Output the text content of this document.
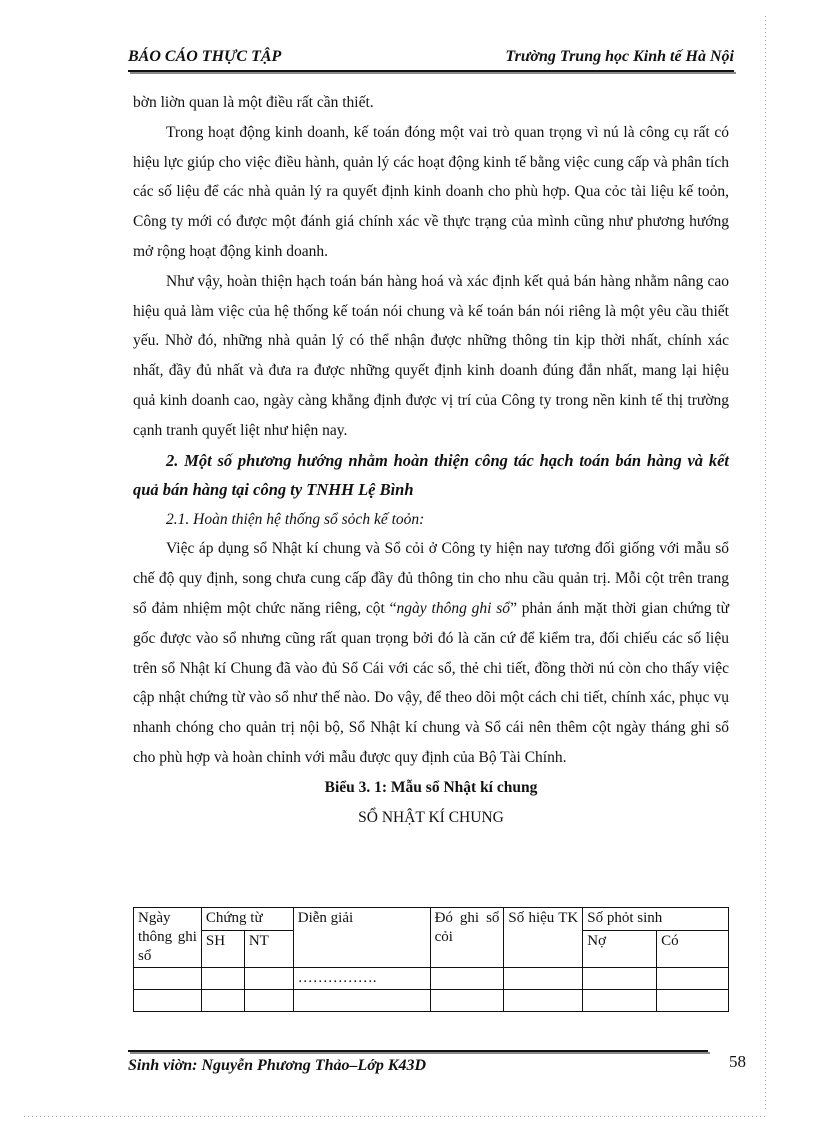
BÁO CÁO THỰC TẬP	Trường Trung học Kinh tế Hà Nội

bờn liờn quan là một điều rất cần thiết.

Trong hoạt động kinh doanh, kế toán đóng một vai trò quan trọng vì nú là công cụ rất có hiệu lực giúp cho việc điều hành, quản lý các hoạt động kinh tế bằng việc cung cấp và phân tích các số liệu để các nhà quản lý ra quyết định kinh doanh cho phù hợp. Qua cỏc tài liệu kế toỏn, Công ty mới có được một đánh giá chính xác về thực trạng của mình cũng như phương hướng mở rộng hoạt động kinh doanh.

Như vậy, hoàn thiện hạch toán bán hàng hoá và xác định kết quả bán hàng nhằm nâng cao hiệu quả làm việc của hệ thống kế toán nói chung và kế toán bán nói riêng là một yêu cầu thiết yếu. Nhờ đó, những nhà quản lý có thể nhận được những thông tin kịp thời nhất, chính xác nhất, đầy đủ nhất và đưa ra được những quyết định kinh doanh đúng đắn nhất, mang lại hiệu quả kinh doanh cao, ngày càng khẳng định được vị trí của Công ty trong nền kinh tế thị trường cạnh tranh quyết liệt như hiện nay.

2. Một số phương hướng nhằm hoàn thiện công tác hạch toán bán hàng và kết quả bán hàng tại công ty TNHH Lệ Bình

2.1. Hoàn thiện hệ thống sổ sỏch kế toỏn:

Việc áp dụng sổ Nhật kí chung và Sổ cỏi ở Công ty hiện nay tương đối giống với mẫu sổ chế độ quy định, song chưa cung cấp đầy đủ thông tin cho nhu cầu quản trị. Mỗi cột trên trang sổ đảm nhiệm một chức năng riêng, cột “ngày thông ghi sổ” phản ánh mặt thời gian chứng từ gốc được vào sổ nhưng cũng rất quan trọng bởi đó là căn cứ để kiểm tra, đối chiếu các số liệu trên sổ Nhật kí Chung đã vào đủ Sổ Cái với các sổ, thẻ chi tiết, đồng thời nú còn cho thấy việc cập nhật chứng từ vào sổ như thế nào. Do vậy, để theo dõi một cách chi tiết, chính xác, phục vụ nhanh chóng cho quản trị nội bộ, Sổ Nhật kí chung và Sổ cái nên thêm cột ngày tháng ghi sổ cho phù hợp và hoàn chỉnh với mẫu được quy định của Bộ Tài Chính.

Biểu 3. 1: Mẫu sổ Nhật kí chung

SỔ NHẬT KÍ CHUNG

Ngày thông ghi sổ	Chứng từ		Diễn giải	Đó ghi sổ cỏi	Số hiệu TK	Số phỏt sinh	
	SH	NT				Nợ	Có
			…………….				

Sinh viờn: Nguyễn Phương Thảo–Lớp K43D	58
